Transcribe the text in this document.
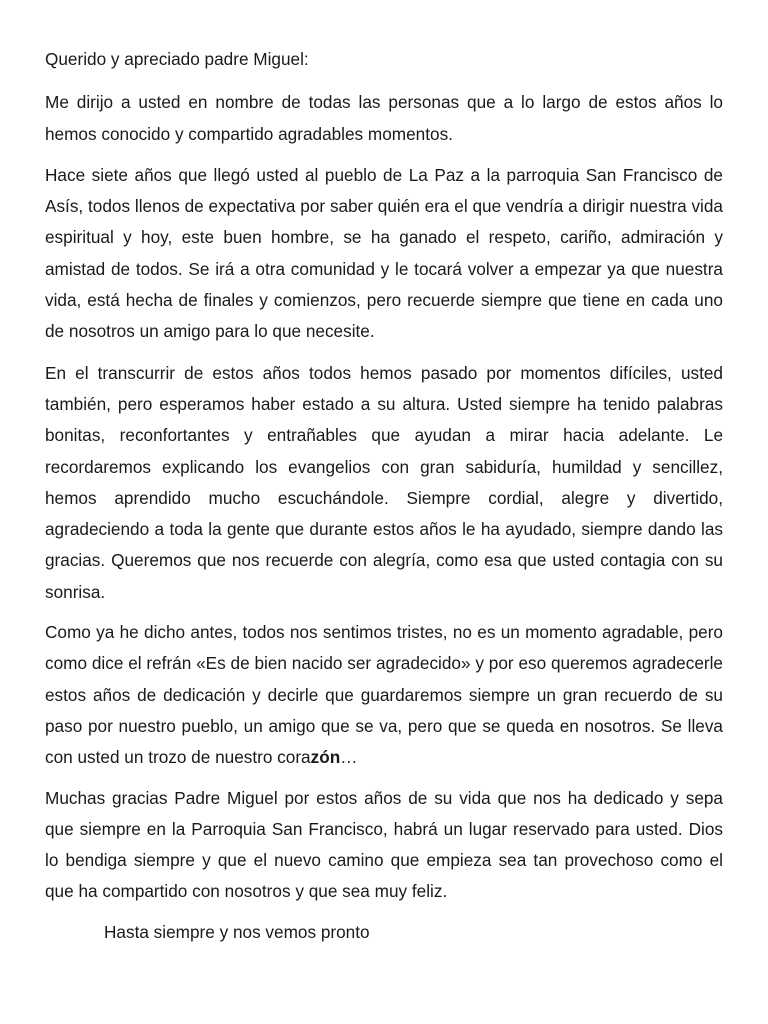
Querido y apreciado padre Miguel:

Me dirijo a usted en nombre de todas las personas que a lo largo de estos años lo hemos conocido y compartido agradables momentos.

Hace siete años que llegó usted al pueblo de La Paz a la parroquia San Francisco de Asís, todos llenos de expectativa por saber quién era el que vendría a dirigir nuestra vida espiritual y hoy, este buen hombre, se ha ganado el respeto, cariño, admiración y amistad de todos. Se irá a otra comunidad y le tocará volver a empezar ya que nuestra vida, está hecha de finales y comienzos, pero recuerde siempre que tiene en cada uno de nosotros un amigo para lo que necesite.

En el transcurrir de estos años todos hemos pasado por momentos difíciles, usted también, pero esperamos haber estado a su altura. Usted siempre ha tenido palabras bonitas, reconfortantes y entrañables que ayudan a mirar hacia adelante. Le recordaremos explicando los evangelios con gran sabiduría, humildad y sencillez, hemos aprendido mucho escuchándole. Siempre cordial, alegre y divertido, agradeciendo a toda la gente que durante estos años le ha ayudado, siempre dando las gracias. Queremos que nos recuerde con alegría, como esa que usted contagia con su sonrisa.

Como ya he dicho antes, todos nos sentimos tristes, no es un momento agradable, pero como dice el refrán «Es de bien nacido ser agradecido» y por eso queremos agradecerle estos años de dedicación y decirle que guardaremos siempre un gran recuerdo de su paso por nuestro pueblo, un amigo que se va, pero que se queda en nosotros. Se lleva con usted un trozo de nuestro corazón…

Muchas gracias Padre Miguel por estos años de su vida que nos ha dedicado y sepa que siempre en la Parroquia San Francisco, habrá un lugar reservado para usted. Dios lo bendiga siempre y que el nuevo camino que empieza sea tan provechoso como el que ha compartido con nosotros y que sea muy feliz.

Hasta siempre y nos vemos pronto
